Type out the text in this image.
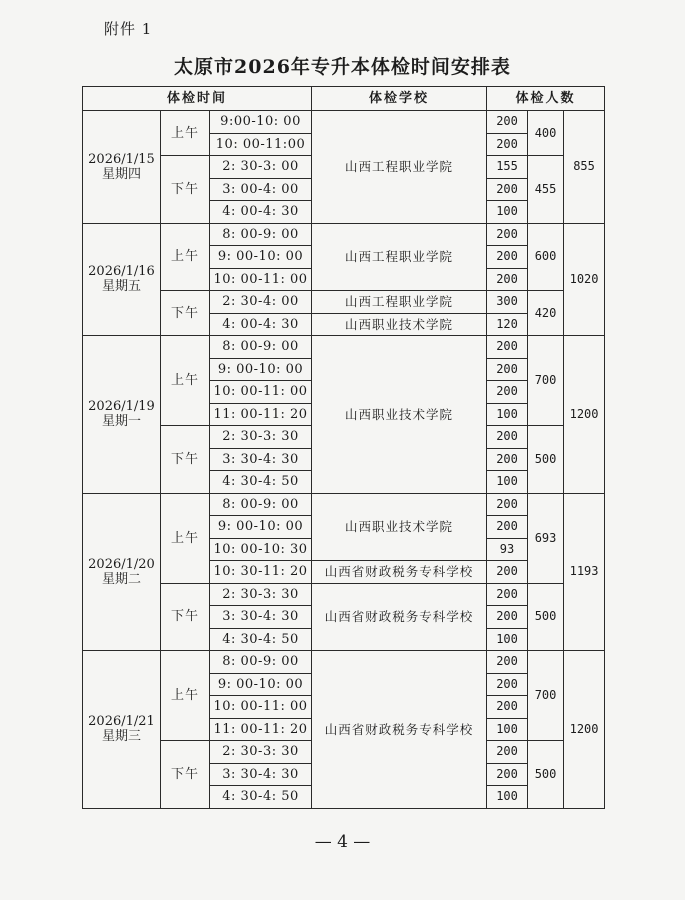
附件 1
太原市2026年专升本体检时间安排表
体检时间			体检学校	体检人数		
2026/1/15
星期四	上午	9:00-10: 00	山西工程职业学院	200	400	855
		10: 00-11:00		200		
	下午	2: 30-3: 00		155	455	
		3: 00-4: 00		200		
		4: 00-4: 30		100		
2026/1/16
星期五	上午	8: 00-9: 00	山西工程职业学院	200	600	1020
		9: 00-10: 00		200		
		10: 00-11: 00		200		
	下午	2: 30-4: 00	山西工程职业学院	300	420	
		4: 00-4: 30	山西职业技术学院	120		
2026/1/19
星期一	上午	8: 00-9: 00	山西职业技术学院	200	700	1200
		9: 00-10: 00		200		
		10: 00-11: 00		200		
		11: 00-11: 20		100		
	下午	2: 30-3: 30		200	500	
		3: 30-4: 30		200		
		4: 30-4: 50		100		
2026/1/20
星期二	上午	8: 00-9: 00	山西职业技术学院	200	693	1193
		9: 00-10: 00		200		
		10: 00-10: 30		93		
		10: 30-11: 20	山西省财政税务专科学校	200		
	下午	2: 30-3: 30	山西省财政税务专科学校	200	500	
		3: 30-4: 30		200		
		4: 30-4: 50		100		
2026/1/21
星期三	上午	8: 00-9: 00	山西省财政税务专科学校	200	700	1200
		9: 00-10: 00		200		
		10: 00-11: 00		200		
		11: 00-11: 20		100		
	下午	2: 30-3: 30		200	500	
		3: 30-4: 30		200		
		4: 30-4: 50		100		
— 4 —
